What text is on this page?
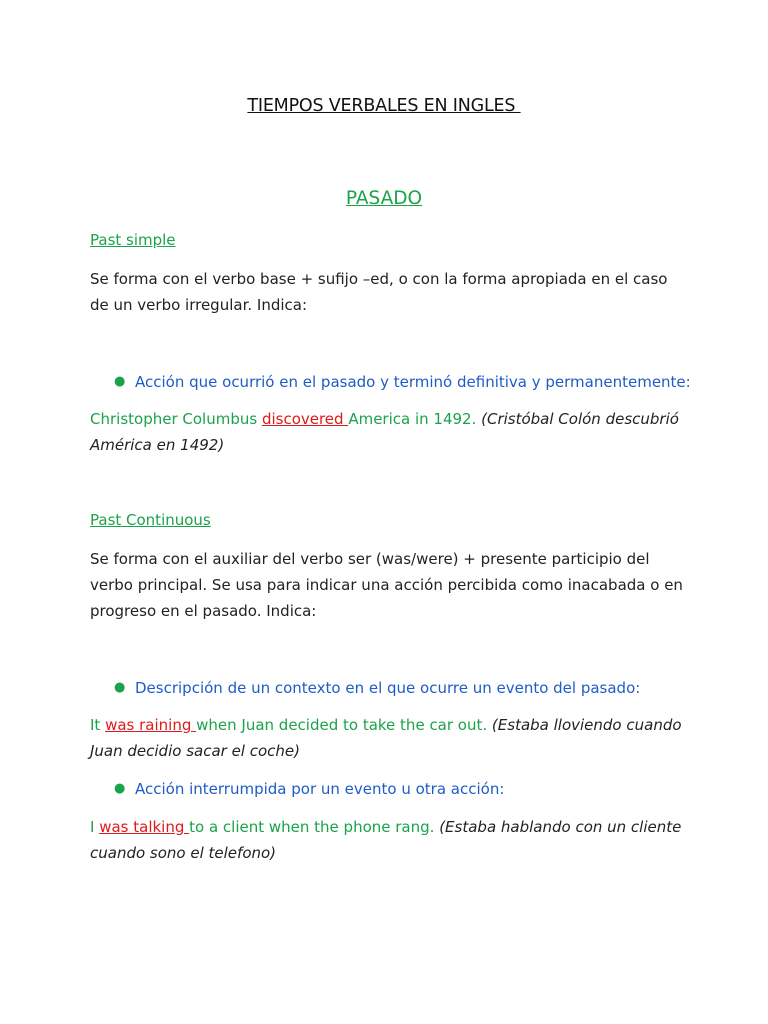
TIEMPOS VERBALES EN INGLES
PASADO
Past simple
Se forma con el verbo base + sufijo –ed, o con la forma apropiada en el caso de un verbo irregular. Indica:
● Acción que ocurrió en el pasado y terminó definitiva y permanentemente:
Christopher Columbus discovered America in 1492. (Cristóbal Colón descubrió América en 1492)
Past Continuous
Se forma con el auxiliar del verbo ser (was/were) + presente participio del verbo principal. Se usa para indicar una acción percibida como inacabada o en progreso en el pasado. Indica:
● Descripción de un contexto en el que ocurre un evento del pasado:
It was raining when Juan decided to take the car out. (Estaba lloviendo cuando Juan decidio sacar el coche)
● Acción interrumpida por un evento u otra acción:
I was talking to a client when the phone rang. (Estaba hablando con un cliente cuando sono el telefono)
